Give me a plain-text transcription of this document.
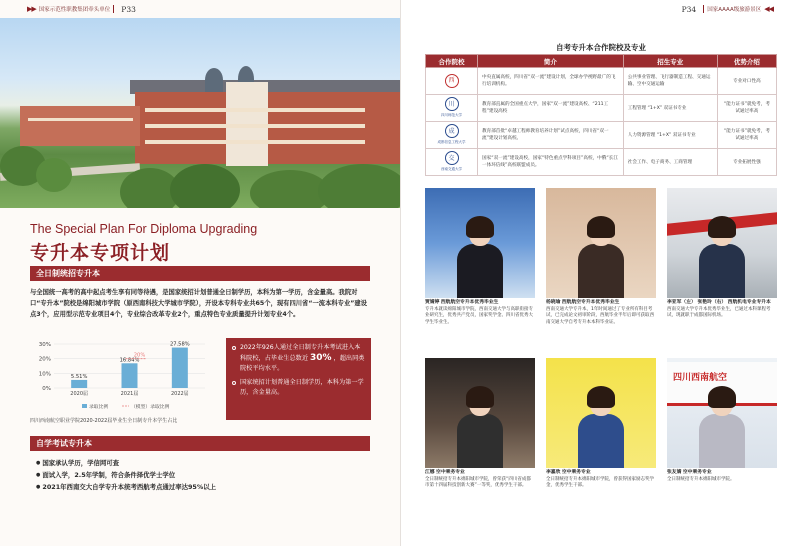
▶▶ 国家示范性职教集团牵头单位 P33
The Special Plan For Diploma Upgrading
专升本专项计划
全日制统招专升本
与全国统一高考的高中起点考生享有同等待遇，是国家统招计划普通全日制学历，本科为第一学历，含金量高。我院对口“专升本”院校是绵阳城市学院（原西南科技大学城市学院），开设本专科专业共65个，现有四川省“一流本科专业”建设点3个，应用型示范专业项目4个，专业综合改革专业2个，重点特色专业质量提升计划专业4个。
0%
10%
20%
30%
5.51%
2020届
16.84%
20%
2021届
27.58%
2022届
录取比例	（模型）录取比例
四川西南航空职业学院2020-2022届毕业生全日制专升本学生占比
2022年926人通过全日制专升本考试进入本科院校，占毕业生总数近 30% ，超出同类院校平均水平。
国家统招计划普通全日制学历，本科为第一学历，含金量高。
自学考试专升本
● 国家承认学历，学信网可查
● 面试入学，2.5年学制，符合条件择优学士学位
● 2021年西南交大自学专升本统考西航考点通过率达95%以上
P34 国家AAAA级旅游景区 ◀◀
自考专升本合作院校及专业
合作院校	简介	招生专业	优势介绍
西	中央直属高校，四川省“双一流”建设计划，全球办学视野最广的飞行培训机构。	公共事业管理、飞行器制造工程、交通运输、空中交通运输	专业对口性高
川
四川师范大学	教育部直属的全国重点大学，国家“双一流”建设高校、“211工程”建设高校	工程管理 “1+X” 双证书专业	“能力证书”就免考，考试通过率高
成
成都信息工程大学	教育部首批“卓越工程师教育培养计划”试点高校，四川省“双一流”建设计划高校。	人力资源管理 “1+X” 双证书专业	“能力证书”就免考，考试通过率高
交
西南交通大学	国家“双一流”建设高校，国家“特色重点学科项目”高校，中俄“长江一体环信线”高校联盟成员。	社会工作、电子商务、工商管理	专业拓展性强
贾婧婷 西航航空专升本优秀毕业生
专升本就读绵阳城市学院，西南交通大学与高职衔接专业研究生，优秀共产党员，国家奖学金、四川省优秀大学生毕业生。
杨晓瑜 西航航空专升本优秀毕业生
西南交通大学专升本，1年时间通过了专业所有科目考试，已完成论文初审阶段，西航毕业半年后即可获取西南交通大学自考专升本本科毕业证。
李亚军（左） 张艳玲（右） 西航机电专业专升本
西南交通大学专升本优秀毕业生，已通过本科课程考试，现就职于成都国际机场。
江娜 空中乘务专业
全日制统招专升本绵阳城市学院，曾荣获“四川省成都市第十四届科技创新大赛”一等奖，优秀学生干部。
李嘉欣 空中乘务专业
全日制统招专升本绵阳城市学院，曾获得国家励志奖学金，优秀学生干部。
四川西南航空
张友婧 空中乘务专业
全日制统招专升本绵阳城市学院。
